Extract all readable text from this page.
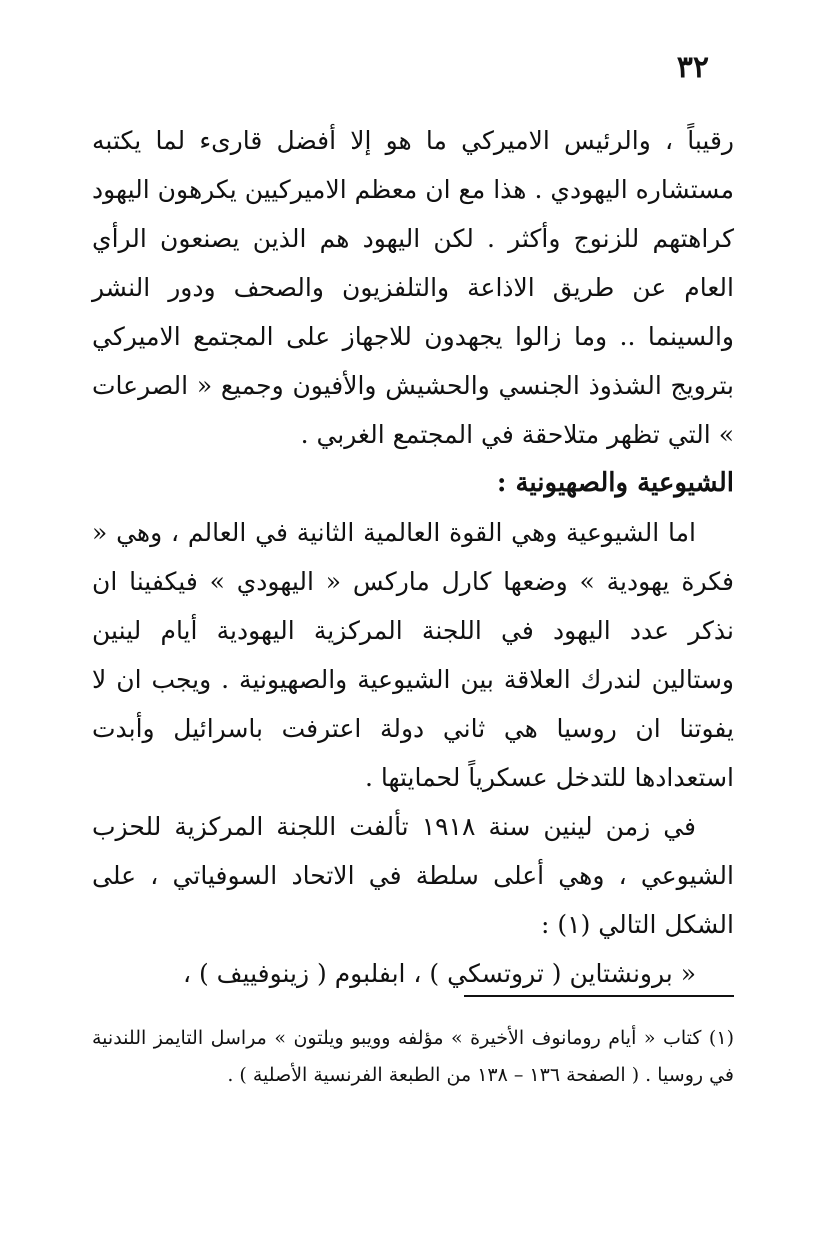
٣٢

رقيباً ، والرئيس الاميركي ما هو إلا أفضل قارىء لما يكتبه مستشاره اليهودي . هذا مع ان معظم الاميركيين يكرهون اليهود كراهتهم للزنوج وأكثر . لكن اليهود هم الذين يصنعون الرأي العام عن طريق الاذاعة والتلفزيون والصحف ودور النشر والسينما .. وما زالوا يجهدون للاجهاز على المجتمع الاميركي بترويج الشذوذ الجنسي والحشيش والأفيون وجميع « الصرعات » التي تظهر متلاحقة في المجتمع الغربي .

الشيوعية والصهيونية :

اما الشيوعية وهي القوة العالمية الثانية في العالم ، وهي « فكرة يهودية » وضعها كارل ماركس « اليهودي » فيكفينا ان نذكر عدد اليهود في اللجنة المركزية اليهودية أيام لينين وستالين لندرك العلاقة بين الشيوعية والصهيونية . ويجب ان لا يفوتنا ان روسيا هي ثاني دولة اعترفت باسرائيل وأبدت استعدادها للتدخل عسكرياً لحمايتها .

في زمن لينين سنة ١٩١٨ تألفت اللجنة المركزية للحزب الشيوعي ، وهي أعلى سلطة في الاتحاد السوفياتي ، على الشكل التالي (١) :

« برونشتاين ( تروتسكي ) ، ابفلبوم ( زينوفييف ) ،

(١) كتاب « أيام رومانوف الأخيرة » مؤلفه وويبو ويلتون » مراسل التايمز اللندنية في روسيا . ( الصفحة ١٣٦ – ١٣٨ من الطبعة الفرنسية الأصلية ) .
